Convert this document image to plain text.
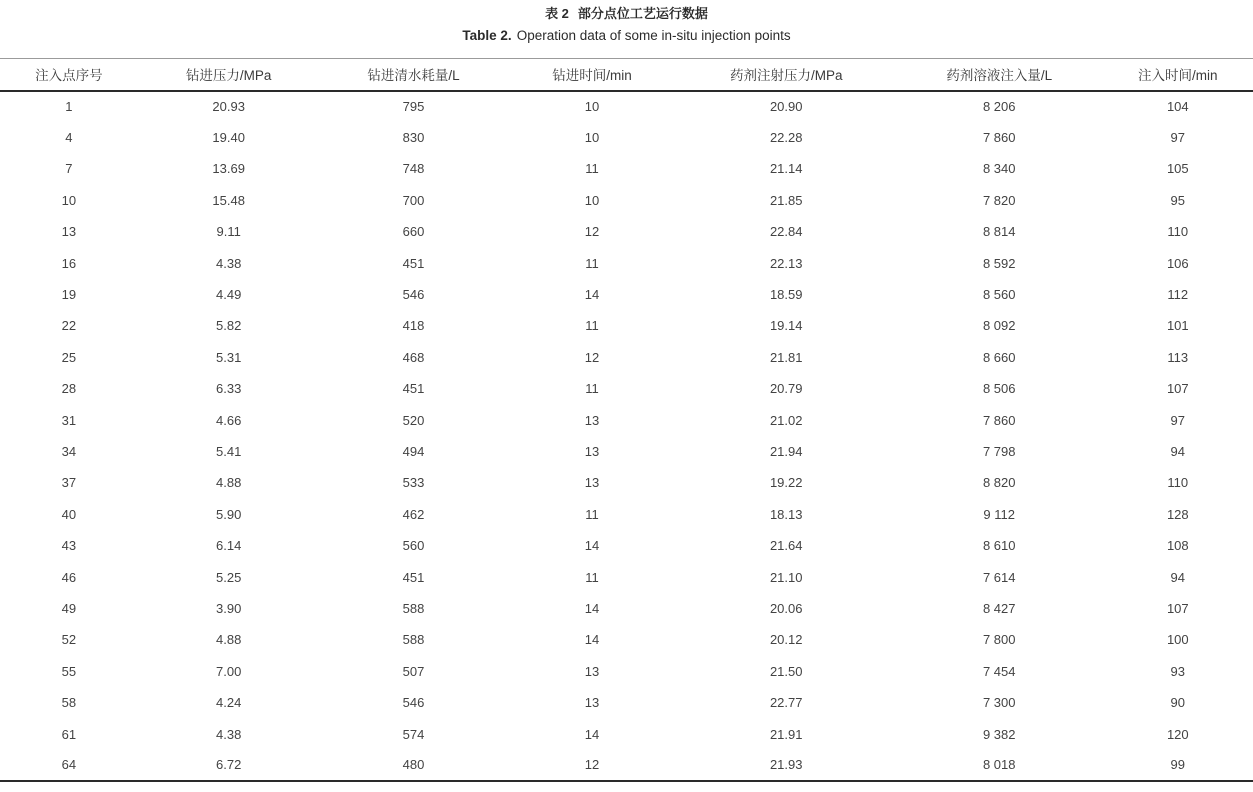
表 2 部分点位工艺运行数据
Table 2. Operation data of some in-situ injection points
注入点序号	钻进压力/MPa	钻进清水耗量/L	钻进时间/min	药剂注射压力/MPa	药剂溶液注入量/L	注入时间/min
1	20.93	795	10	20.90	8 206	104
4	19.40	830	10	22.28	7 860	97
7	13.69	748	11	21.14	8 340	105
10	15.48	700	10	21.85	7 820	95
13	9.11	660	12	22.84	8 814	110
16	4.38	451	11	22.13	8 592	106
19	4.49	546	14	18.59	8 560	112
22	5.82	418	11	19.14	8 092	101
25	5.31	468	12	21.81	8 660	113
28	6.33	451	11	20.79	8 506	107
31	4.66	520	13	21.02	7 860	97
34	5.41	494	13	21.94	7 798	94
37	4.88	533	13	19.22	8 820	110
40	5.90	462	11	18.13	9 112	128
43	6.14	560	14	21.64	8 610	108
46	5.25	451	11	21.10	7 614	94
49	3.90	588	14	20.06	8 427	107
52	4.88	588	14	20.12	7 800	100
55	7.00	507	13	21.50	7 454	93
58	4.24	546	13	22.77	7 300	90
61	4.38	574	14	21.91	9 382	120
64	6.72	480	12	21.93	8 018	99
